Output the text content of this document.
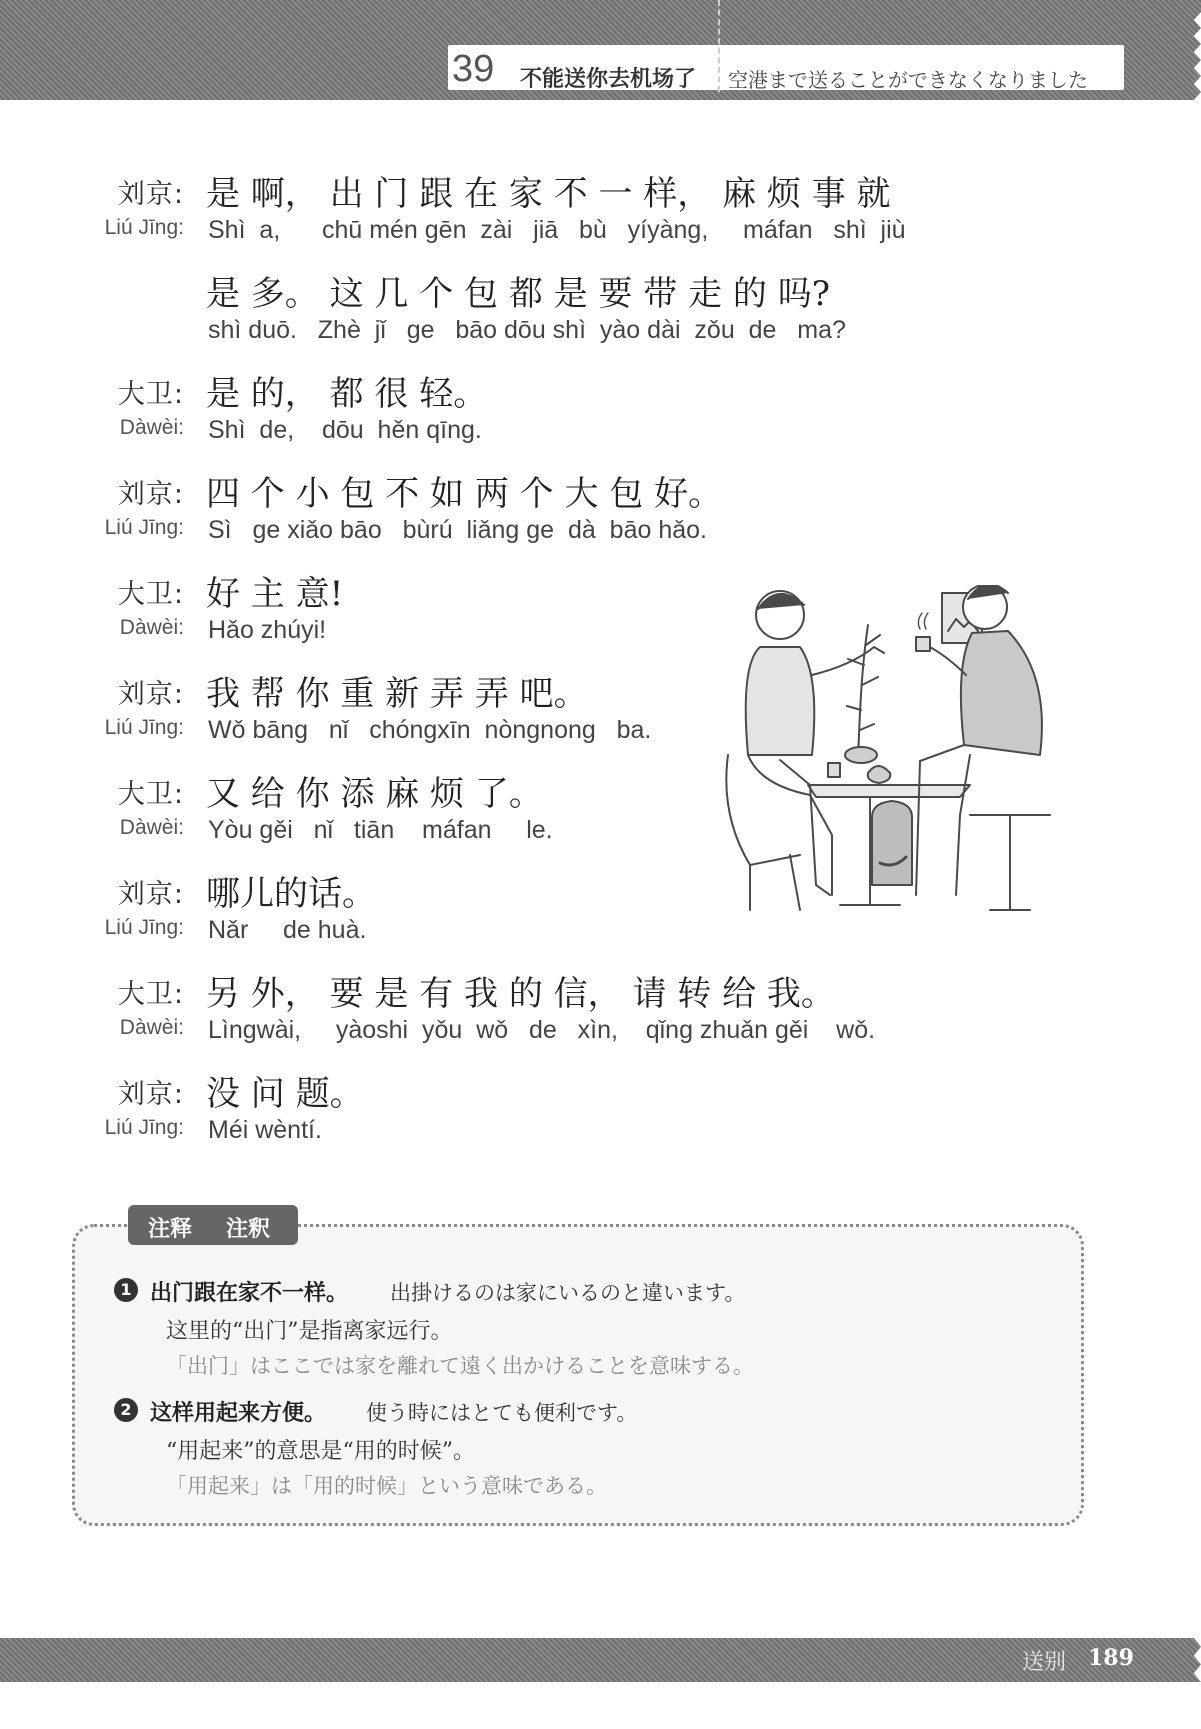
39 不能送你去机场了 空港まで送ることができなくなりました
刘京:
Liú Jīng:
是 啊， 出 门 跟 在 家 不 一 样， 麻 烦 事 就
Shì  a,      chū mén gēn  zài   jiā   bù   yíyàng,     máfan   shì  jiù
是 多。 这 几 个 包 都 是 要 带 走 的 吗?
shì duō.   Zhè  jǐ   ge   bāo dōu shì  yào dài  zǒu  de   ma?
大卫:
Dàwèi:
是 的， 都 很 轻。
Shì  de,    dōu  hěn qīng.
刘京:
Liú Jīng:
四 个 小 包 不 如 两 个 大 包 好。
Sì   ge xiǎo bāo   bùrú  liǎng ge  dà  bāo hǎo.
大卫:
Dàwèi:
好 主 意!
Hǎo zhúyi!
刘京:
Liú Jīng:
我 帮 你 重 新 弄 弄 吧。
Wǒ bāng   nǐ   chóngxīn  nòngnong   ba.
大卫:
Dàwèi:
又 给 你 添 麻 烦 了。
Yòu gěi   nǐ   tiān    máfan     le.
刘京:
Liú Jīng:
哪儿的话。
Nǎr     de huà.
大卫:
Dàwèi:
另 外， 要 是 有 我 的 信， 请 转 给 我。
Lìngwài,     yàoshi  yǒu  wǒ   de   xìn,    qǐng zhuǎn gěi    wǒ.
刘京:
Liú Jīng:
没 问 题。
Méi wèntí.
注释 注釈
1 出门跟在家不一样。 出掛けるのは家にいるのと違います。
这里的“出门”是指离家远行。
「出门」はここでは家を離れて遠く出かけることを意味する。
2 这样用起来方便。 使う時にはとても便利です。
“用起来”的意思是“用的时候”。
「用起来」は「用的时候」という意味である。
送别 189
